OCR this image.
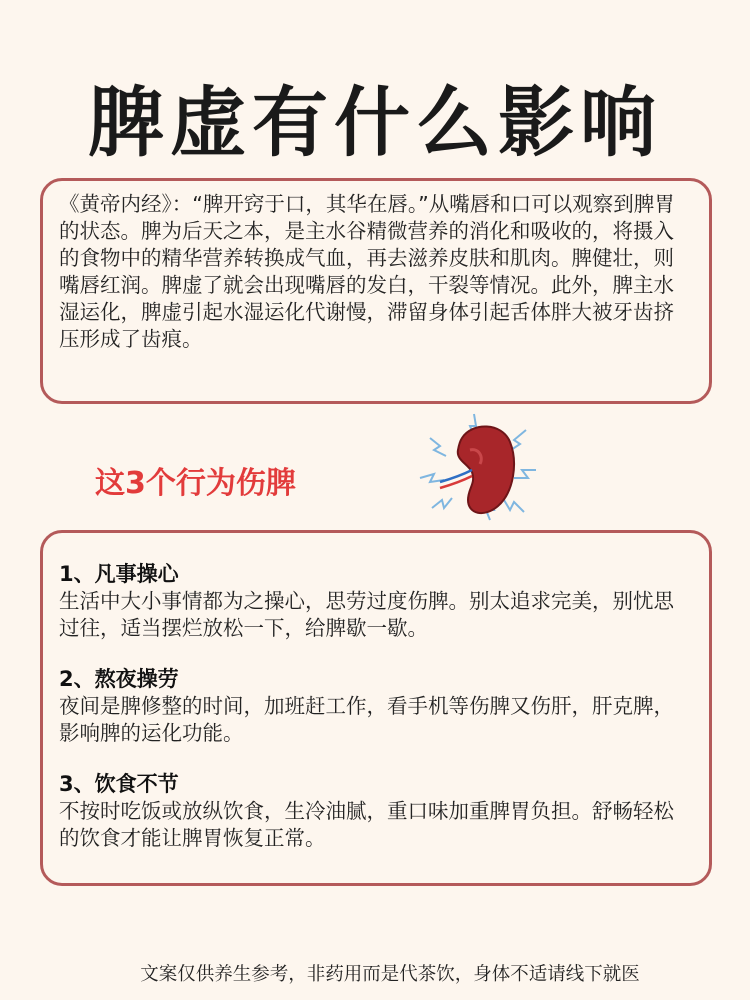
脾虚有什么影响
《黄帝内经》：“脾开窍于口，其华在唇。”从嘴唇和口可以观察到脾胃的状态。脾为后天之本，是主水谷精微营养的消化和吸收的，将摄入的食物中的精华营养转换成气血，再去滋养皮肤和肌肉。脾健壮，则嘴唇红润。脾虚了就会出现嘴唇的发白，干裂等情况。此外，脾主水湿运化，脾虚引起水湿运化代谢慢，滞留身体引起舌体胖大被牙齿挤压形成了齿痕。
这3个行为伤脾
1、凡事操心
生活中大小事情都为之操心，思劳过度伤脾。别太追求完美，别忧思过往，适当摆烂放松一下，给脾歇一歇。
2、熬夜操劳
夜间是脾修整的时间，加班赶工作，看手机等伤脾又伤肝，肝克脾，影响脾的运化功能。
3、饮食不节
不按时吃饭或放纵饮食，生冷油腻，重口味加重脾胃负担。舒畅轻松的饮食才能让脾胃恢复正常。
文案仅供养生参考，非药用而是代茶饮，身体不适请线下就医
